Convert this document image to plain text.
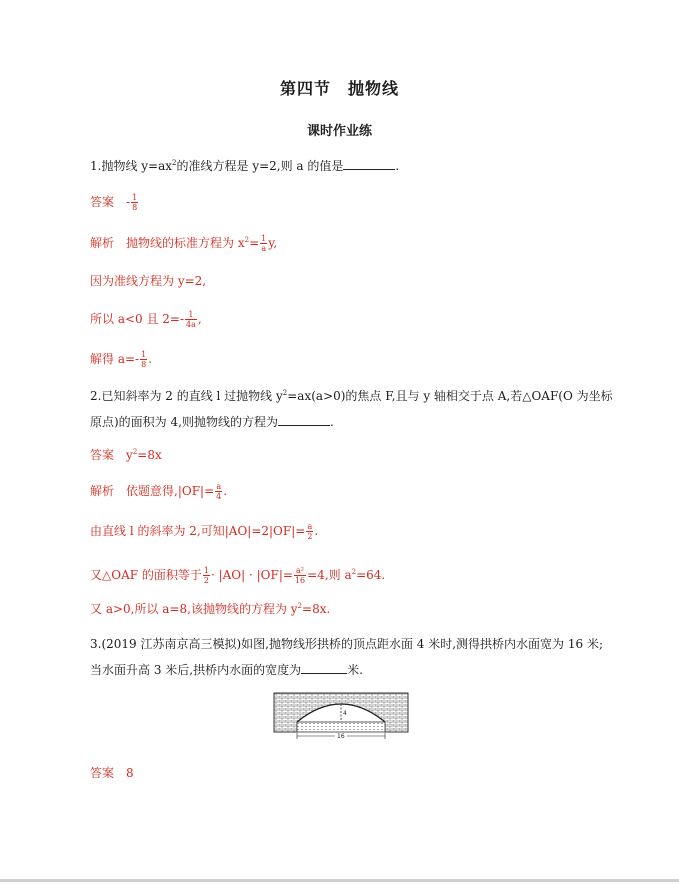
第四节　抛物线
课时作业练
1.抛物线 $y=ax^2$的准线方程是 y=2,则 a 的值是	.
答案　 - $\frac{1}{8}$
解析　 抛物线的标准方程为 $x^2= \frac{1}{a} y$,
因为准线方程为 y=2,
所以 a<0 且 $2=- \frac{1}{4a}$ ,
解得 $a=- \frac{1}{8}$ .
2.已知斜率为 2 的直线 l 过抛物线 $y^2=ax(a>0)$的焦点 F,且与 y 轴相交于点 A,若△OAF(O 为坐标
原点)的面积为 4,则抛物线的方程为	.
答案　 $y^2=8x$
解析　 依题意得$,|OF|= \frac{a}{4}$ .
由直线 l 的斜率为 2,可知$|AO|=2|OF|= \frac{a}{2}$ .
又△OAF 的面积等于 $\frac{1}{2} \cdot |AO| \cdot |OF|= \frac{\text{a²}}{16} =4$,则 $a^2=64$.
又 a>0,所以 a=8,该抛物线的方程为 $y^2=8x$.
3.(2019 江苏南京高三模拟)如图,抛物线形拱桥的顶点距水面 4 米时,测得拱桥内水面宽为 16 米;
当水面升高 3 米后,拱桥内水面的宽度为	米.
4
16
答案　 8
